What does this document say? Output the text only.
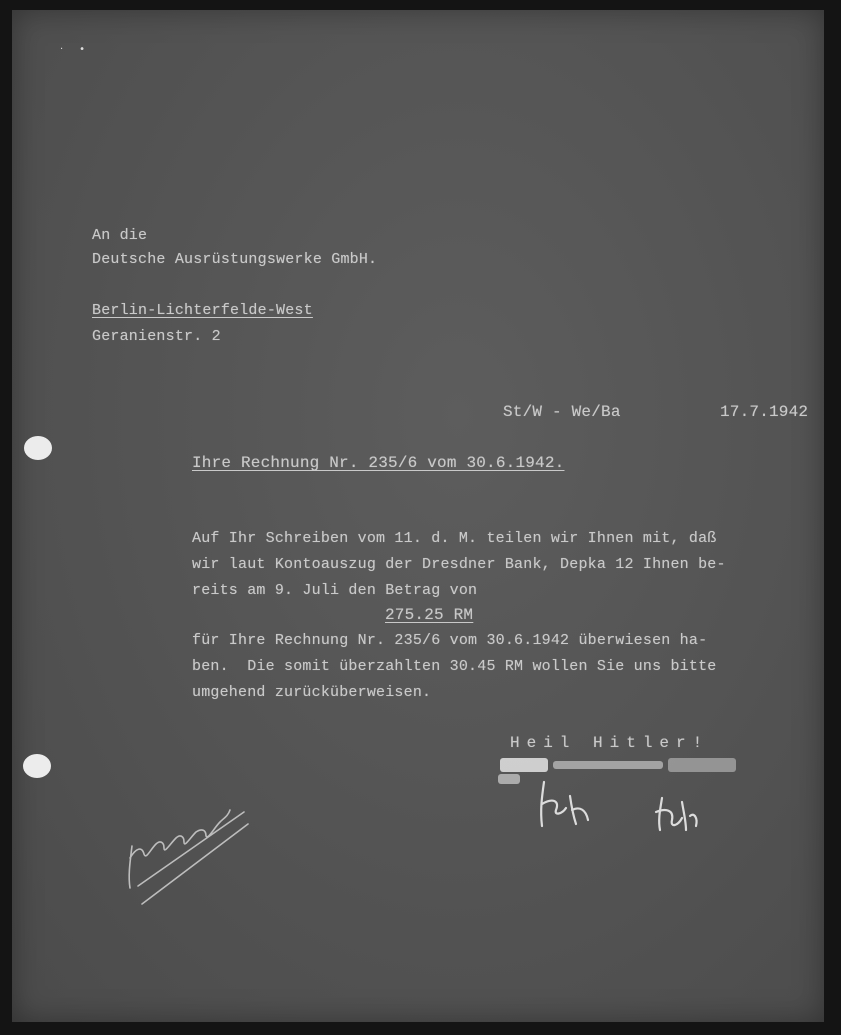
·     •
An die
Deutsche Ausrüstungswerke GmbH.
Berlin-Lichterfelde-West
Geranienstr. 2
St/W - We/Ba	17.7.1942
Ihre Rechnung Nr. 235/6 vom 30.6.1942.
Auf Ihr Schreiben vom 11. d. M. teilen wir Ihnen mit, daß
wir laut Kontoauszug der Dresdner Bank, Depka 12 Ihnen be-
reits am 9. Juli den Betrag von
275.25 RM
für Ihre Rechnung Nr. 235/6 vom 30.6.1942 überwiesen ha-
ben.  Die somit überzahlten 30.45 RM wollen Sie uns bitte
umgehend zurücküberweisen.
Heil Hitler!
